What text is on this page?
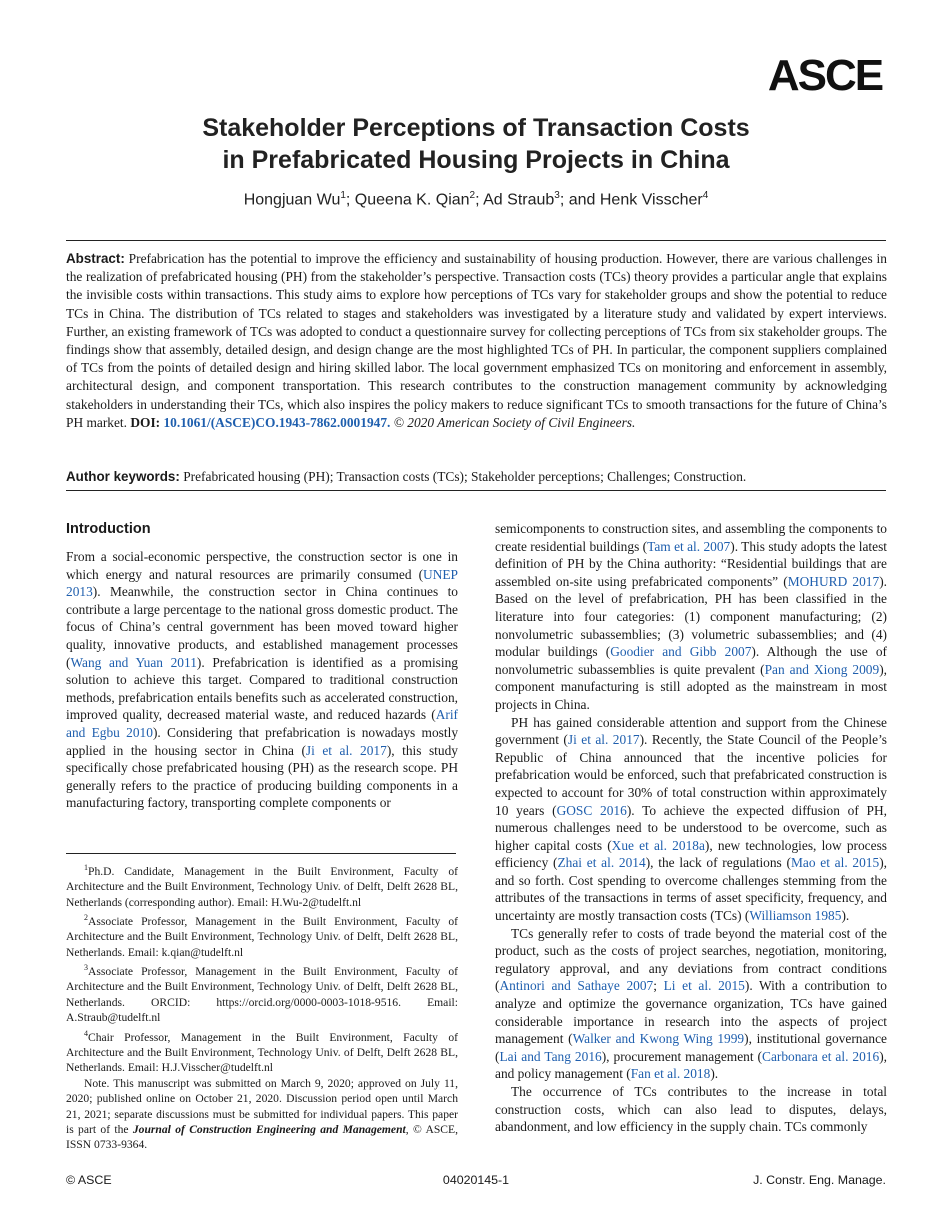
ASCE
Stakeholder Perceptions of Transaction Costs
in Prefabricated Housing Projects in China
Hongjuan Wu$^1$; Queena K. Qian$^2$; Ad Straub$^3$; and Henk Visscher$^4$
Abstract: Prefabrication has the potential to improve the efficiency and sustainability of housing production. However, there are various challenges in the realization of prefabricated housing (PH) from the stakeholder’s perspective. Transaction costs (TCs) theory provides a particular angle that explains the invisible costs within transactions. This study aims to explore how perceptions of TCs vary for stakeholder groups and show the potential to reduce TCs in China. The distribution of TCs related to stages and stakeholders was investigated by a literature study and validated by expert interviews. Further, an existing framework of TCs was adopted to conduct a questionnaire survey for collecting perceptions of TCs from six stakeholder groups. The findings show that assembly, detailed design, and design change are the most highlighted TCs of PH. In particular, the component suppliers complained of TCs from the points of detailed design and hiring skilled labor. The local government emphasized TCs on monitoring and enforcement in assembly, architectural design, and component transportation. This research contributes to the construction management community by acknowledging stakeholders in understanding their TCs, which also inspires the policy makers to reduce significant TCs to smooth transactions for the future of China’s PH market. DOI: 10.1061/(ASCE)CO.1943-7862.0001947. © 2020 American Society of Civil Engineers.
Author keywords: Prefabricated housing (PH); Transaction costs (TCs); Stakeholder perceptions; Challenges; Construction.
Introduction

From a social-economic perspective, the construction sector is one in which energy and natural resources are primarily consumed (UNEP 2013). Meanwhile, the construction sector in China continues to contribute a large percentage to the national gross domestic product. The focus of China’s central government has been moved toward higher quality, innovative products, and established management processes (Wang and Yuan 2011). Prefabrication is identified as a promising solution to achieve this target. Compared to traditional construction methods, prefabrication entails benefits such as accelerated construction, improved quality, decreased material waste, and reduced hazards (Arif and Egbu 2010). Considering that prefabrication is nowadays mostly applied in the housing sector in China (Ji et al. 2017), this study specifically chose prefabricated housing (PH) as the research scope. PH generally refers to the practice of producing building components in a manufacturing factory, transporting complete components or

$^1$Ph.D. Candidate, Management in the Built Environment, Faculty of Architecture and the Built Environment, Technology Univ. of Delft, Delft 2628 BL, Netherlands (corresponding author). Email: H.Wu-2@tudelft.nl

$^2$Associate Professor, Management in the Built Environment, Faculty of Architecture and the Built Environment, Technology Univ. of Delft, Delft 2628 BL, Netherlands. Email: k.qian@tudelft.nl

$^3$Associate Professor, Management in the Built Environment, Faculty of Architecture and the Built Environment, Technology Univ. of Delft, Delft 2628 BL, Netherlands. ORCID: https://orcid.org/0000-0003-1018-9516. Email: A.Straub@tudelft.nl

$^4$Chair Professor, Management in the Built Environment, Faculty of Architecture and the Built Environment, Technology Univ. of Delft, Delft 2628 BL, Netherlands. Email: H.J.Visscher@tudelft.nl

Note. This manuscript was submitted on March 9, 2020; approved on July 11, 2020; published online on October 21, 2020. Discussion period open until March 21, 2021; separate discussions must be submitted for individual papers. This paper is part of the Journal of Construction Engineering and Management, © ASCE, ISSN 0733-9364.

semicomponents to construction sites, and assembling the components to create residential buildings (Tam et al. 2007). This study adopts the latest definition of PH by the China authority: “Residential buildings that are assembled on-site using prefabricated components” (MOHURD 2017). Based on the level of prefabrication, PH has been classified in the literature into four categories: (1) component manufacturing; (2) nonvolumetric subassemblies; (3) volumetric subassemblies; and (4) modular buildings (Goodier and Gibb 2007). Although the use of nonvolumetric subassemblies is quite prevalent (Pan and Xiong 2009), component manufacturing is still adopted as the mainstream in most projects in China.

PH has gained considerable attention and support from the Chinese government (Ji et al. 2017). Recently, the State Council of the People’s Republic of China announced that the incentive policies for prefabrication would be enforced, such that prefabricated construction is expected to account for 30% of total construction within approximately 10 years (GOSC 2016). To achieve the expected diffusion of PH, numerous challenges need to be understood to be overcome, such as higher capital costs (Xue et al. 2018a), new technologies, low process efficiency (Zhai et al. 2014), the lack of regulations (Mao et al. 2015), and so forth. Cost spending to overcome challenges stemming from the attributes of the transactions in terms of asset specificity, frequency, and uncertainty are mostly transaction costs (TCs) (Williamson 1985).

TCs generally refer to costs of trade beyond the material cost of the product, such as the costs of project searches, negotiation, monitoring, regulatory approval, and any deviations from contract conditions (Antinori and Sathaye 2007; Li et al. 2015). With a contribution to analyze and optimize the governance organization, TCs have gained considerable importance in research into the aspects of project management (Walker and Kwong Wing 1999), institutional governance (Lai and Tang 2016), procurement management (Carbonara et al. 2016), and policy management (Fan et al. 2018).

The occurrence of TCs contributes to the increase in total construction costs, which can also lead to disputes, delays, abandonment, and low efficiency in the supply chain. TCs commonly

© ASCE	04020145-1	J. Constr. Eng. Manage.
